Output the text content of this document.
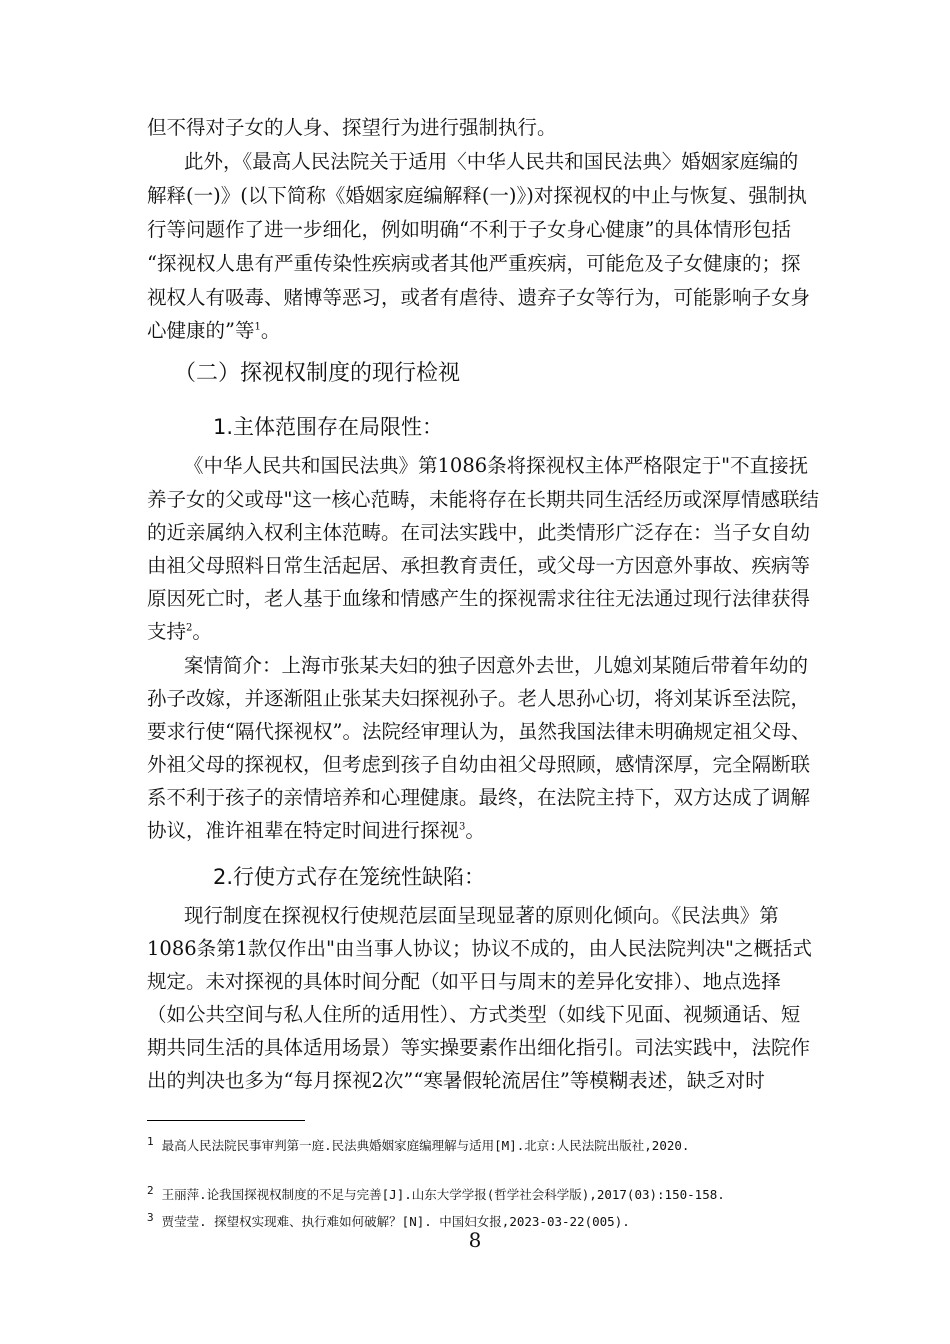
但不得对子女的人身、探望行为进行强制执行。
此外，《最高人民法院关于适用〈中华人民共和国民法典〉婚姻家庭编的
解释(一)》(以下简称《婚姻家庭编解释(一)》)对探视权的中止与恢复、强制执
行等问题作了进一步细化，例如明确“不利于子女身心健康”的具体情形包括
“探视权人患有严重传染性疾病或者其他严重疾病，可能危及子女健康的；探
视权人有吸毒、赌博等恶习，或者有虐待、遗弃子女等行为，可能影响子女身
心健康的”等$^1$。
（二）探视权制度的现行检视
1.主体范围存在局限性：
《中华人民共和国民法典》第1086条将探视权主体严格限定于"不直接抚
养子女的父或母"这一核心范畴，未能将存在长期共同生活经历或深厚情感联结
的近亲属纳入权利主体范畴。在司法实践中，此类情形广泛存在：当子女自幼
由祖父母照料日常生活起居、承担教育责任，或父母一方因意外事故、疾病等
原因死亡时，老人基于血缘和情感产生的探视需求往往无法通过现行法律获得
支持$^2$。
案情简介：上海市张某夫妇的独子因意外去世，儿媳刘某随后带着年幼的
孙子改嫁，并逐渐阻止张某夫妇探视孙子。老人思孙心切，将刘某诉至法院，
要求行使“隔代探视权”。法院经审理认为，虽然我国法律未明确规定祖父母、
外祖父母的探视权，但考虑到孩子自幼由祖父母照顾，感情深厚，完全隔断联
系不利于孩子的亲情培养和心理健康。最终，在法院主持下，双方达成了调解
协议，准许祖辈在特定时间进行探视$^3$。
2.行使方式存在笼统性缺陷：
现行制度在探视权行使规范层面呈现显著的原则化倾向。《民法典》第
1086条第1款仅作出"由当事人协议；协议不成的，由人民法院判决"之概括式
规定。未对探视的具体时间分配（如平日与周末的差异化安排）、地点选择
（如公共空间与私人住所的适用性）、方式类型（如线下见面、视频通话、短
期共同生活的具体适用场景）等实操要素作出细化指引。司法实践中，法院作
出的判决也多为“每月探视2次”“寒暑假轮流居住”等模糊表述，缺乏对时
1 最高人民法院民事审判第一庭.民法典婚姻家庭编理解与适用[M].北京:人民法院出版社,2020.
2 王丽萍.论我国探视权制度的不足与完善[J].山东大学学报(哲学社会科学版),2017(03):150-158.
3 贾莹莹. 探望权实现难、执行难如何破解？[N]. 中国妇女报,2023-03-22(005).
8
